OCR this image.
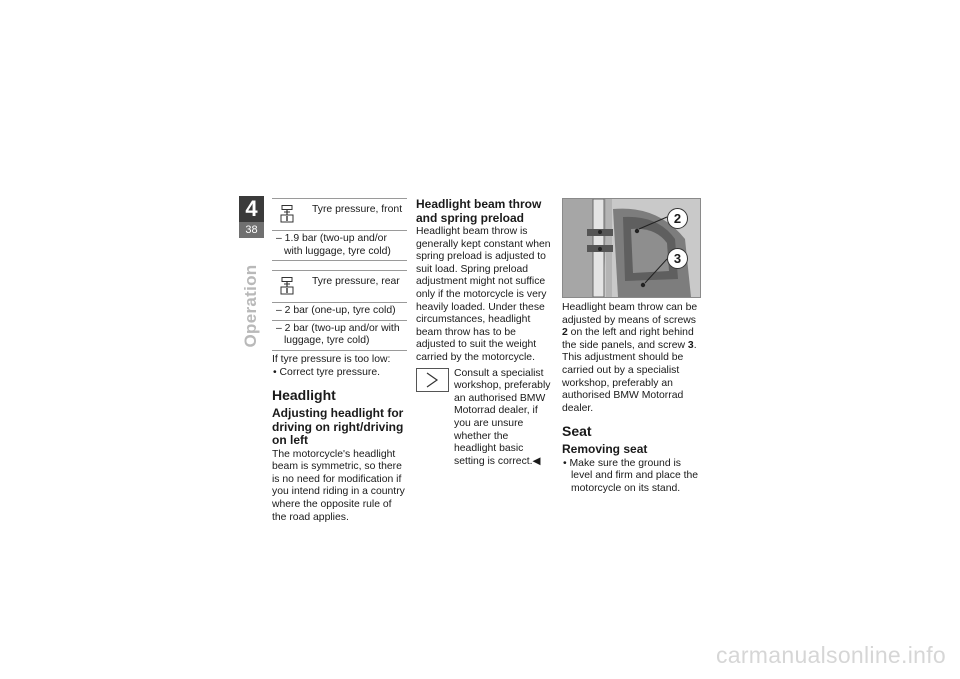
4
38
Operation
Tyre pressure, front
– 1.9 bar (two-up and/or with luggage, tyre cold)
Tyre pressure, rear
– 2 bar (one-up, tyre cold)
– 2 bar (two-up and/or with luggage, tyre cold)

If tyre pressure is too low:

• Correct tyre pressure.

Headlight
Adjusting headlight for driving on right/driving on left

The motorcycle's headlight beam is symmetric, so there is no need for modification if you intend riding in a country where the opposite rule of the road applies.

Headlight beam throw and spring preload

Headlight beam throw is generally kept constant when spring preload is adjusted to suit load. Spring preload adjustment might not suffice only if the motorcycle is very heavily loaded. Under these circumstances, headlight beam throw has to be adjusted to suit the weight carried by the motorcycle.

Consult a specialist workshop, preferably an authorised BMW Motorrad dealer, if you are unsure whether the headlight basic setting is correct.◀

2
3

Headlight beam throw can be adjusted by means of screws 2 on the left and right behind the side panels, and screw 3. This adjustment should be carried out by a specialist workshop, preferably an authorised BMW Motorrad dealer.

Seat
Removing seat

• Make sure the ground is level and firm and place the motorcycle on its stand.

carmanualsonline.info
